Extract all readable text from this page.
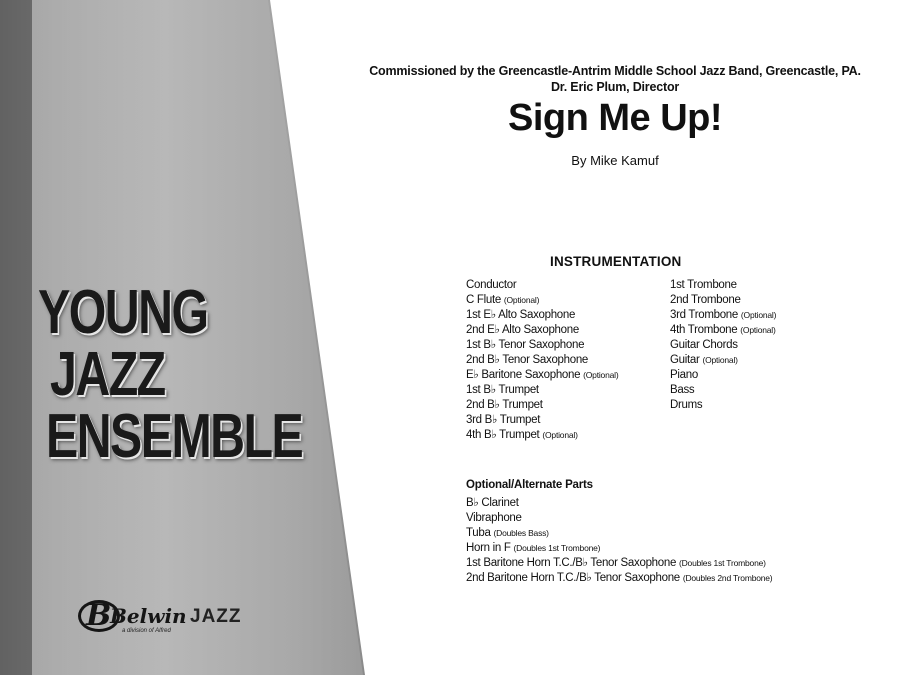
YOUNG
JAZZ
ENSEMBLE
B
Belwin JAZZ
a division of Alfred
Commissioned by the Greencastle-Antrim Middle School Jazz Band, Greencastle, PA.
Dr. Eric Plum, Director
Sign Me Up!
By Mike Kamuf
INSTRUMENTATION
Conductor
C Flute (Optional)
1st E♭ Alto Saxophone
2nd E♭ Alto Saxophone
1st B♭ Tenor Saxophone
2nd B♭ Tenor Saxophone
E♭ Baritone Saxophone (Optional)
1st B♭ Trumpet
2nd B♭ Trumpet
3rd B♭ Trumpet
4th B♭ Trumpet (Optional)
1st Trombone
2nd Trombone
3rd Trombone (Optional)
4th Trombone (Optional)
Guitar Chords
Guitar (Optional)
Piano
Bass
Drums
Optional/Alternate Parts
B♭ Clarinet
Vibraphone
Tuba (Doubles Bass)
Horn in F (Doubles 1st Trombone)
1st Baritone Horn T.C./B♭ Tenor Saxophone (Doubles 1st Trombone)
2nd Baritone Horn T.C./B♭ Tenor Saxophone (Doubles 2nd Trombone)
